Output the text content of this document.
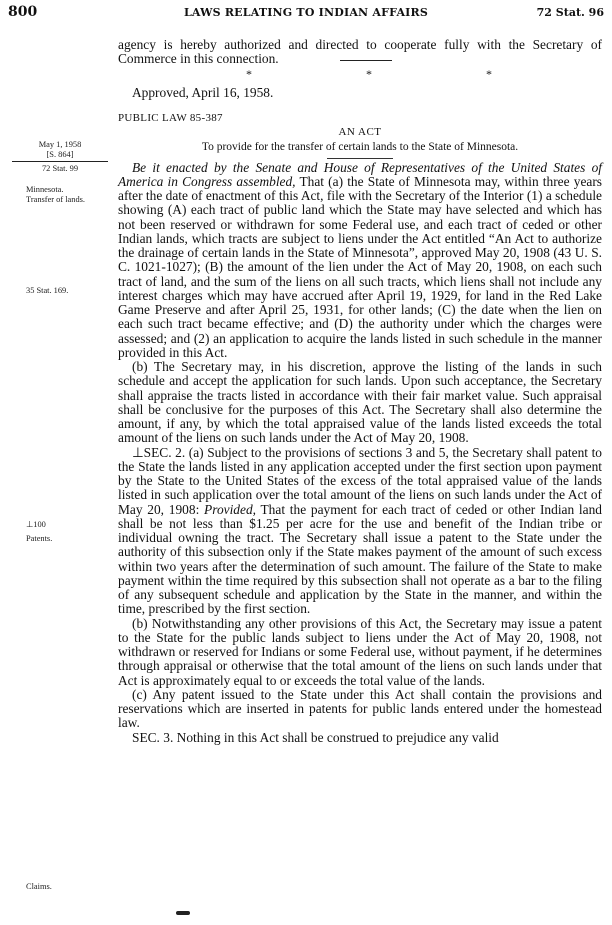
800	LAWS RELATING TO INDIAN AFFAIRS	72 Stat. 96
May 1, 1958
[S. 864]
72 Stat. 99
Minnesota.
Transfer of lands.
35 Stat. 169.
⊥100
Patents.
Claims.

agency is hereby authorized and directed to cooperate fully with the Secretary of Commerce in this connection.

*	*	*
Approved, April 16, 1958.
PUBLIC LAW 85-387
AN ACT
To provide for the transfer of certain lands to the State of Minnesota.

Be it enacted by the Senate and House of Representatives of the United States of America in Congress assembled, That (a) the State of Minnesota may, within three years after the date of enactment of this Act, file with the Secretary of the Interior (1) a schedule showing (A) each tract of public land which the State may have selected and which has not been reserved or withdrawn for some Federal use, and each tract of ceded or other Indian lands, which tracts are subject to liens under the Act entitled “An Act to authorize the drainage of certain lands in the State of Minnesota”, approved May 20, 1908 (43 U. S. C. 1021-1027); (B) the amount of the lien under the Act of May 20, 1908, on each such tract of land, and the sum of the liens on all such tracts, which liens shall not include any interest charges which may have accrued after April 19, 1929, for land in the Red Lake Game Preserve and after April 25, 1931, for other lands; (C) the date when the lien on each such tract became effective; and (D) the authority under which the charges were assessed; and (2) an application to acquire the lands listed in such schedule in the manner provided in this Act.

(b) The Secretary may, in his discretion, approve the listing of the lands in such schedule and accept the application for such lands. Upon such acceptance, the Secretary shall appraise the tracts listed in accordance with their fair market value. Such appraisal shall be conclusive for the purposes of this Act. The Secretary shall also determine the amount, if any, by which the total appraised value of the lands listed exceeds the total amount of the liens on such lands under the Act of May 20, 1908.

⊥SEC. 2. (a) Subject to the provisions of sections 3 and 5, the Secretary shall patent to the State the lands listed in any application accepted under the first section upon payment by the State to the United States of the excess of the total appraised value of the lands listed in such application over the total amount of the liens on such lands under the Act of May 20, 1908: Provided, That the payment for each tract of ceded or other Indian land shall be not less than $1.25 per acre for the use and benefit of the Indian tribe or individual owning the tract. The Secretary shall issue a patent to the State under the authority of this subsection only if the State makes payment of the amount of such excess within two years after the determination of such amount. The failure of the State to make payment within the time required by this subsection shall not operate as a bar to the filing of any subsequent schedule and application by the State in the manner, and within the time, prescribed by the first section.

(b) Notwithstanding any other provisions of this Act, the Secretary may issue a patent to the State for the public lands subject to liens under the Act of May 20, 1908, not withdrawn or reserved for Indians or some Federal use, without payment, if he determines through appraisal or otherwise that the total amount of the liens on such lands under that Act is approximately equal to or exceeds the total value of the lands.

(c) Any patent issued to the State under this Act shall contain the provisions and reservations which are inserted in patents for public lands entered under the homestead law.

SEC. 3. Nothing in this Act shall be construed to prejudice any valid
